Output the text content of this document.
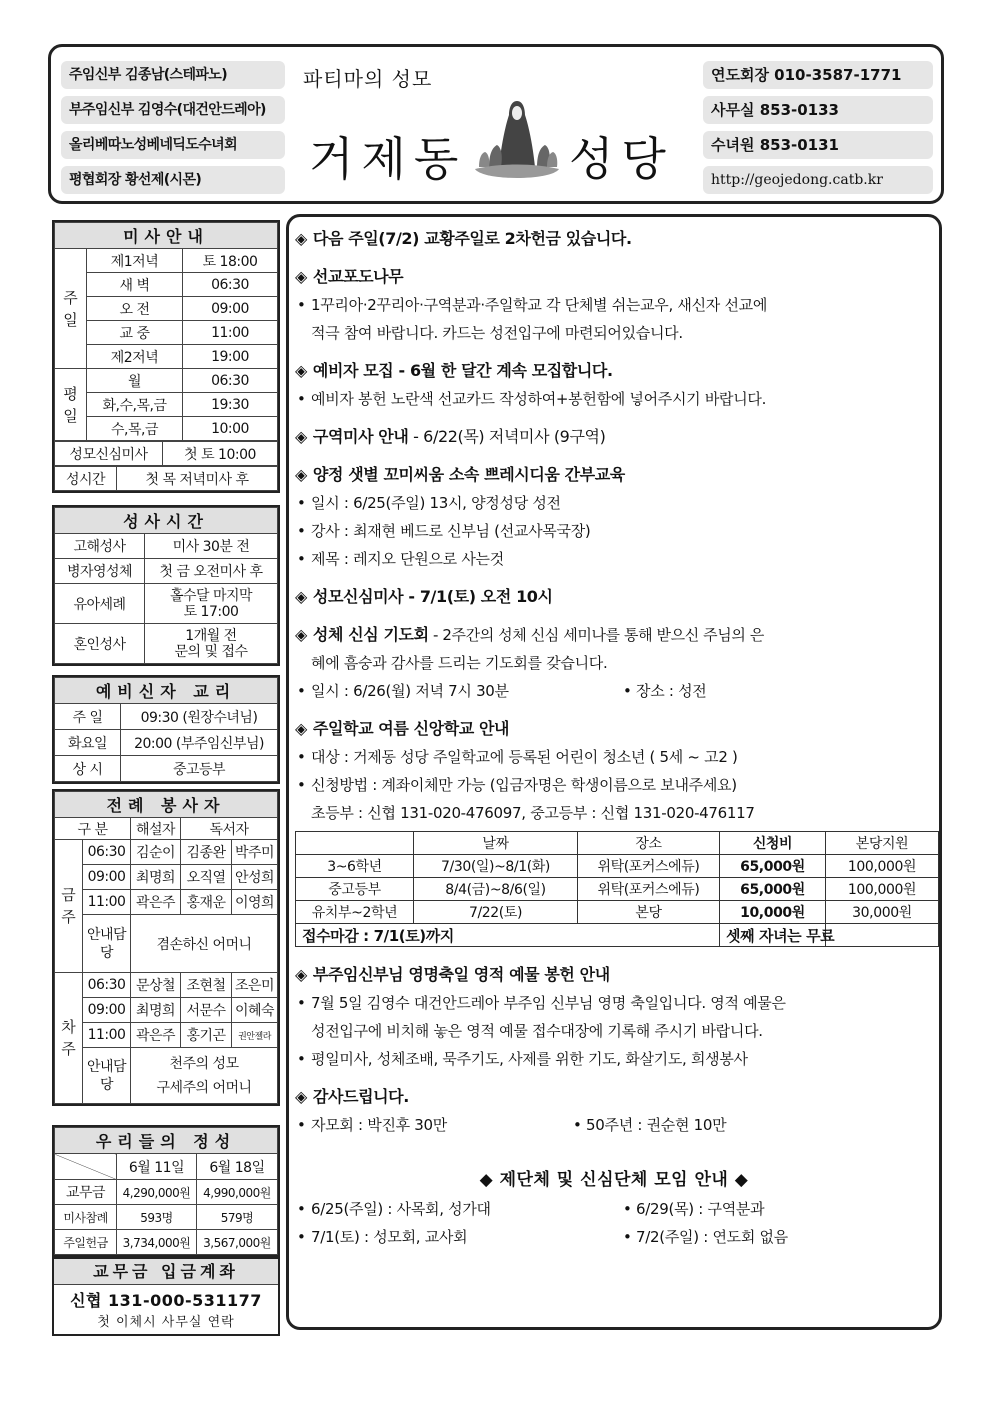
주임신부 김종남(스테파노)
부주임신부 김영수(대건안드레아)
올리베따노성베네딕도수녀회
평협회장 황선제(시몬)
파티마의 성모
거제동 성당
연도회장 010-3587-1771
사무실 853-0133
수녀원 853-0131
http://geojedong.catb.kr
미사안내		
주일	제1저녁	토 18:00
	새 벽	06:30
	오 전	09:00
	교 중	11:00
	제2저녁	19:00
평일	월	06:30
	화,수,목,금	19:30
	수,목,금	10:00
성모신심미사	첫 토 10:00
성시간	첫 목 저녁미사 후
성사시간	
고해성사	미사 30분 전
병자영성체	첫 금 오전미사 후
유아세례	홀수달 마지막
토 17:00

혼인성사	1개월 전
문의 및 접수
예비신자 교리	
주 일	09:30 (원장수녀님)
화요일	20:00 (부주임신부님)
상 시	중고등부
전례 봉사자				
구 분		해설자	독서자	
금주	06:30	김순이	김종완	박주미
	09:00	최명희	오직열	안성희
	11:00	곽은주	홍재운	이영희
	안내담당	겸손하신 어머니		
차주	06:30	문상철	조현철	조은미
	09:00	최명희	서문수	이혜숙
	11:00	곽은주	홍기곤	권안젤라
	안내담당	천주의 성모
구세주의 어머니		
우리들의 정성		
	6월 11일	6월 18일
교무금	4,290,000원	4,990,000원
미사참례	593명	579명
주일헌금	3,734,000원	3,567,000원
교무금 입금계좌
신협 131-000-531177
첫 이체시 사무실 연락
◈ 다음 주일(7/2) 교황주일로 2차헌금 있습니다.
◈ 선교포도나무
• 1꾸리아·2꾸리아·구역분과·주일학교 각 단체별 쉬는교우, 새신자 선교에
적극 참여 바랍니다. 카드는 성전입구에 마련되어있습니다.
◈ 예비자 모집 - 6월 한 달간 계속 모집합니다.
• 예비자 봉헌 노란색 선교카드 작성하여+봉헌함에 넣어주시기 바랍니다.
◈ 구역미사 안내 - 6/22(목) 저녁미사 (9구역)
◈ 양정 샛별 꼬미씨움 소속 쁘레시디움 간부교육
• 일시 : 6/25(주일) 13시, 양정성당 성전
• 강사 : 최재현 베드로 신부님 (선교사목국장)
• 제목 : 레지오 단원으로 사는것
◈ 성모신심미사 - 7/1(토) 오전 10시
◈ 성체 신심 기도회 - 2주간의 성체 신심 세미나를 통해 받으신 주님의 은
혜에 흠숭과 감사를 드리는 기도회를 갖습니다.
• 일시 : 6/26(월) 저녁 7시 30분	• 장소 : 성전
◈ 주일학교 여름 신앙학교 안내
• 대상 : 거제동 성당 주일학교에 등록된 어린이 청소년 ( 5세 ~ 고2 )
• 신청방법 : 계좌이체만 가능 (입금자명은 학생이름으로 보내주세요)
초등부 : 신협 131-020-476097, 중고등부 : 신협 131-020-476117
	날짜	장소	신청비	본당지원
3~6학년	7/30(일)~8/1(화)	위탁(포커스에듀)	65,000원	100,000원
중고등부	8/4(금)~8/6(일)	위탁(포커스에듀)	65,000원	100,000원
유치부~2학년	7/22(토)	본당	10,000원	30,000원
접수마감 : 7/1(토)까지			셋째 자녀는 무료	
◈ 부주임신부님 영명축일 영적 예물 봉헌 안내
• 7월 5일 김영수 대건안드레아 부주임 신부님 영명 축일입니다. 영적 예물은
성전입구에 비치해 놓은 영적 예물 접수대장에 기록해 주시기 바랍니다.
• 평일미사, 성체조배, 묵주기도, 사제를 위한 기도, 화살기도, 희생봉사
◈ 감사드립니다.
• 자모회 : 박진후 30만	• 50주년 : 권순현 10만
◆ 제단체 및 신심단체 모임 안내 ◆
• 6/25(주일) : 사목회, 성가대	• 6/29(목) : 구역분과
• 7/1(토) : 성모회, 교사회	• 7/2(주일) : 연도회 없음
